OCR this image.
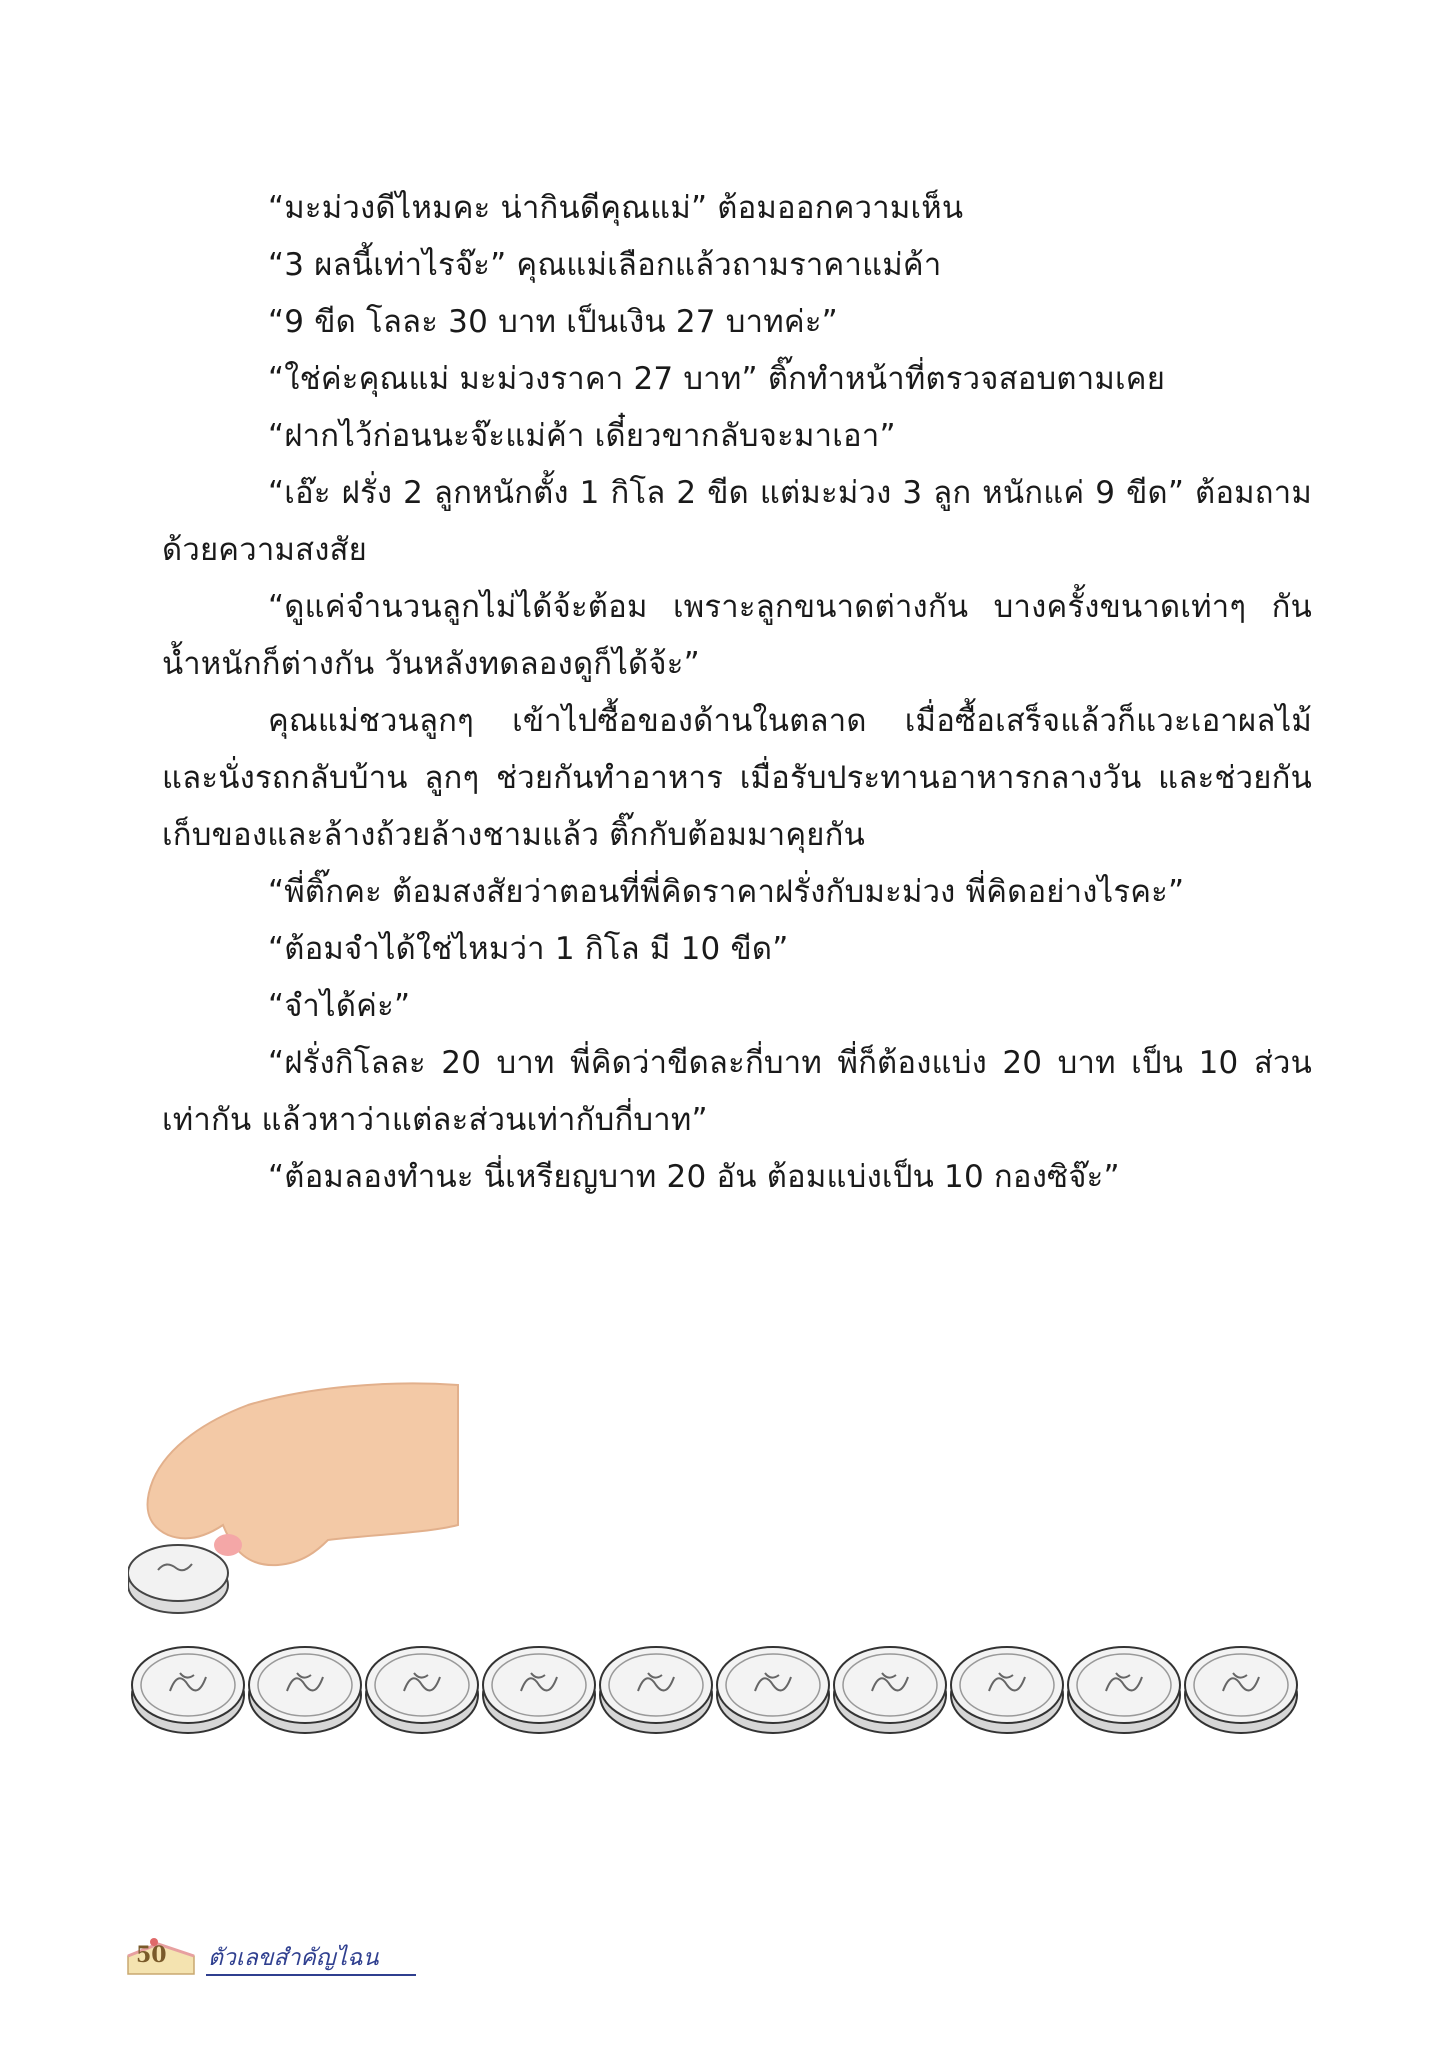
“มะม่วงดีไหมคะ น่ากินดีคุณแม่” ต้อมออกความเห็น

“3 ผลนี้เท่าไรจ๊ะ” คุณแม่เลือกแล้วถามราคาแม่ค้า

“9 ขีด โลละ 30 บาท เป็นเงิน 27 บาทค่ะ”

“ใช่ค่ะคุณแม่ มะม่วงราคา 27 บาท” ติ๊กทำหน้าที่ตรวจสอบตามเคย

“ฝากไว้ก่อนนะจ๊ะแม่ค้า เดี๋ยวขากลับจะมาเอา”

“เอ๊ะ ฝรั่ง 2 ลูกหนักตั้ง 1 กิโล 2 ขีด แต่มะม่วง 3 ลูก หนักแค่ 9 ขีด” ต้อมถามด้วยความสงสัย

“ดูแค่จำนวนลูกไม่ได้จ้ะต้อม เพราะลูกขนาดต่างกัน บางครั้งขนาดเท่าๆ กัน น้ำหนักก็ต่างกัน วันหลังทดลองดูก็ได้จ้ะ”

คุณแม่ชวนลูกๆ เข้าไปซื้อของด้านในตลาด เมื่อซื้อเสร็จแล้วก็แวะเอาผลไม้และนั่งรถกลับบ้าน ลูกๆ ช่วยกันทำอาหาร เมื่อรับประทานอาหารกลางวัน และช่วยกันเก็บของและล้างถ้วยล้างชามแล้ว ติ๊กกับต้อมมาคุยกัน

“พี่ติ๊กคะ ต้อมสงสัยว่าตอนที่พี่คิดราคาฝรั่งกับมะม่วง พี่คิดอย่างไรคะ”

“ต้อมจำได้ใช่ไหมว่า 1 กิโล มี 10 ขีด”

“จำได้ค่ะ”

“ฝรั่งกิโลละ 20 บาท พี่คิดว่าขีดละกี่บาท พี่ก็ต้องแบ่ง 20 บาท เป็น 10 ส่วนเท่ากัน แล้วหาว่าแต่ละส่วนเท่ากับกี่บาท”

“ต้อมลองทำนะ นี่เหรียญบาท 20 อัน ต้อมแบ่งเป็น 10 กองซิจ๊ะ”

50 ตัวเลขสำคัญไฉน
